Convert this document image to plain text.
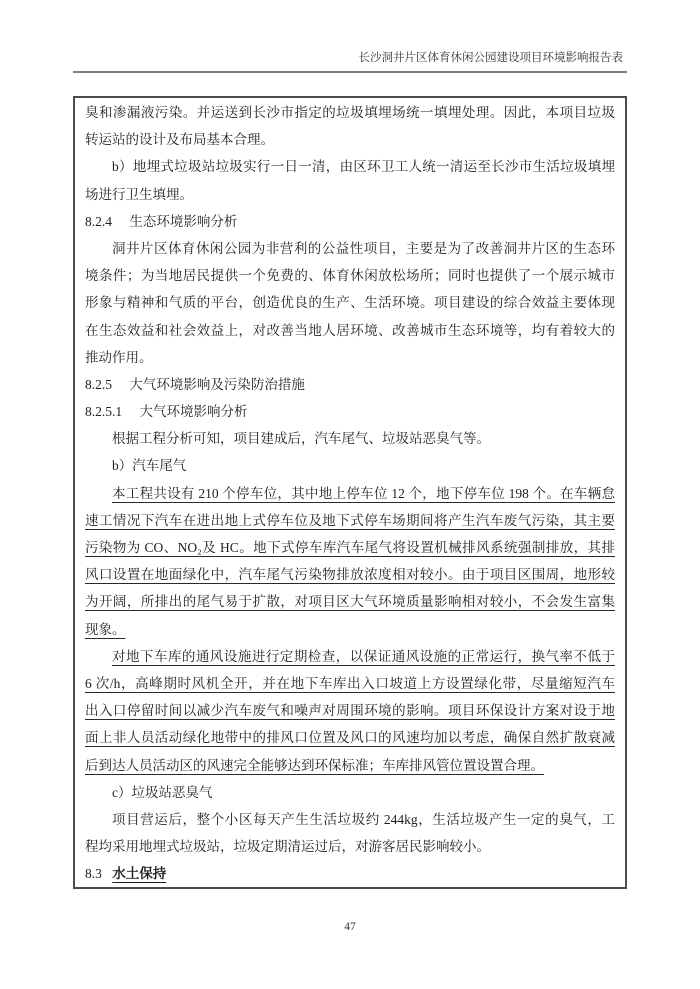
长沙洞井片区体育休闲公园建设项目环境影响报告表
臭和渗漏液污染。并运送到长沙市指定的垃圾填埋场统一填埋处理。因此，本项目垃圾
转运站的设计及布局基本合理。
b）地埋式垃圾站垃圾实行一日一清，由区环卫工人统一清运至长沙市生活垃圾填埋
场进行卫生填埋。
8.2.4 生态环境影响分析
洞井片区体育休闲公园为非营利的公益性项目，主要是为了改善洞井片区的生态环
境条件；为当地居民提供一个免费的、体育休闲放松场所；同时也提供了一个展示城市
形象与精神和气质的平台，创造优良的生产、生活环境。项目建设的综合效益主要体现
在生态效益和社会效益上，对改善当地人居环境、改善城市生态环境等，均有着较大的
推动作用。
8.2.5 大气环境影响及污染防治措施
8.2.5.1 大气环境影响分析
根据工程分析可知，项目建成后，汽车尾气、垃圾站恶臭气等。
b）汽车尾气
本工程共设有 210 个停车位，其中地上停车位 12 个，地下停车位 198 个。在车辆怠
速工情况下汽车在进出地上式停车位及地下式停车场期间将产生汽车废气污染，其主要
污染物为 CO、NO₂及 HC。地下式停车库汽车尾气将设置机械排风系统强制排放，其排
风口设置在地面绿化中，汽车尾气污染物排放浓度相对较小。由于项目区围周，地形较
为开阔，所排出的尾气易于扩散，对项目区大气环境质量影响相对较小，不会发生富集
现象。
对地下车库的通风设施进行定期检查，以保证通风设施的正常运行，换气率不低于
6 次/h，高峰期时风机全开，并在地下车库出入口坡道上方设置绿化带，尽量缩短汽车
出入口停留时间以减少汽车废气和噪声对周围环境的影响。项目环保设计方案对设于地
面上非人员活动绿化地带中的排风口位置及风口的风速均加以考虑，确保自然扩散衰减
后到达人员活动区的风速完全能够达到环保标准；车库排风管位置设置合理。
c）垃圾站恶臭气
项目营运后，整个小区每天产生生活垃圾约 244kg，生活垃圾产生一定的臭气，工
程均采用地埋式垃圾站，垃圾定期清运过后，对游客居民影响较小。
8.3 水土保持
47
